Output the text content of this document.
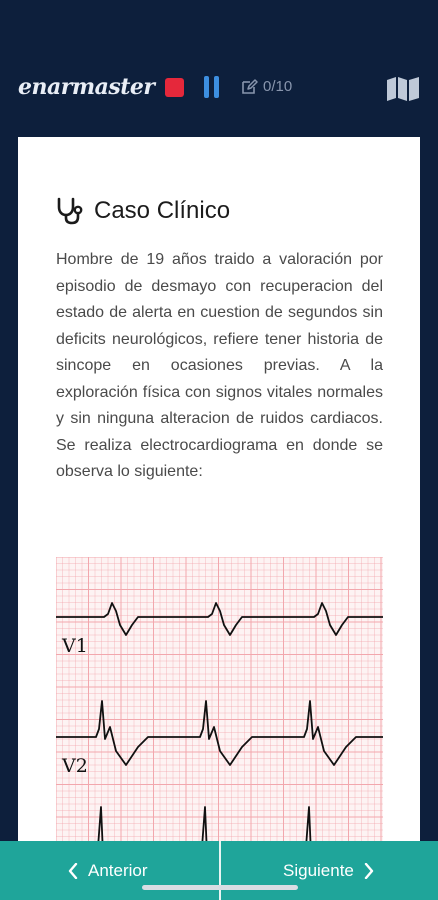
enarmaster	0/10
Caso Clínico

Hombre de 19 años traido a valoración por episodio de desmayo con recuperacion del estado de alerta en cuestion de segundos sin deficits neurológicos, refiere tener historia de sincope en ocasiones previas. A la exploración física con signos vitales normales y sin ninguna alteracion de ruidos cardiacos. Se realiza electrocardiograma en donde se observa lo siguiente:

V1
V2
Anterior	Siguiente
